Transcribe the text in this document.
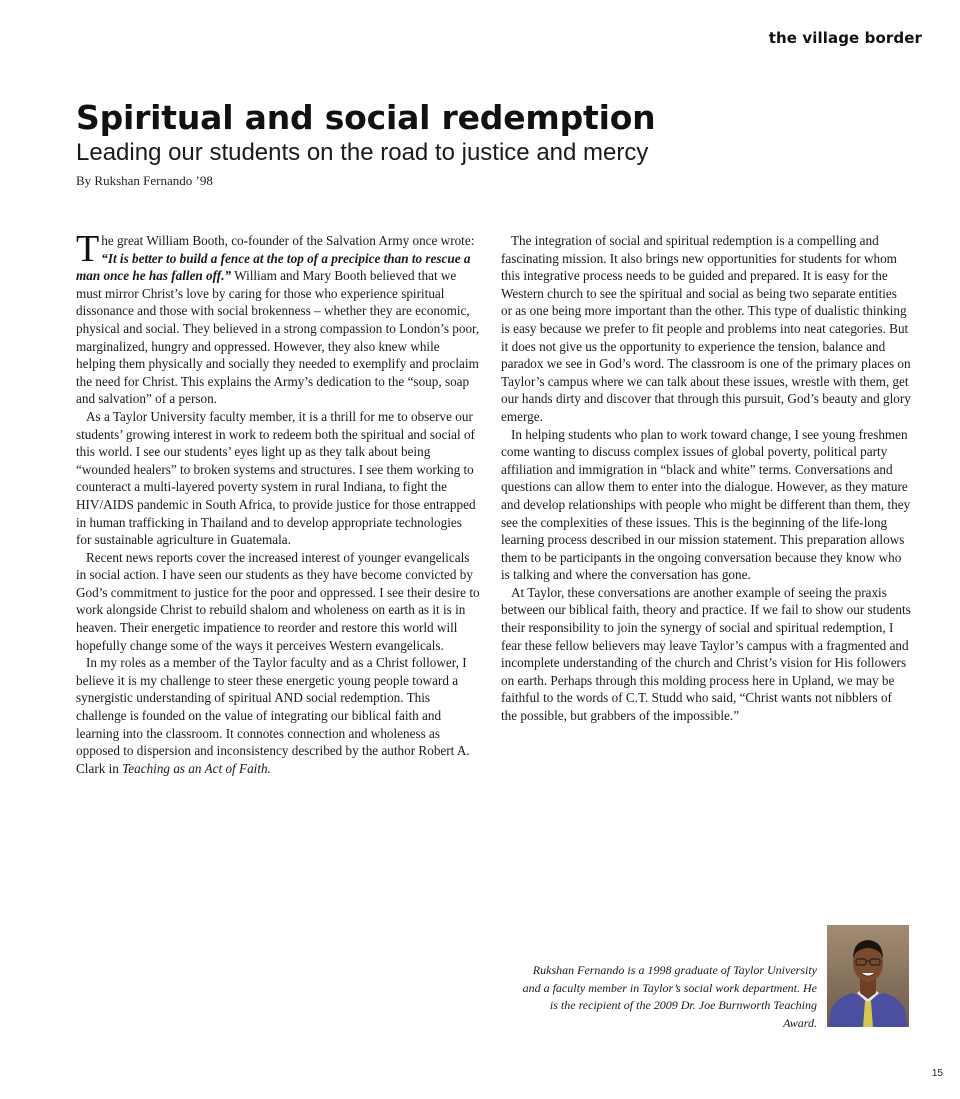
the village border
Spiritual and social redemption
Leading our students on the road to justice and mercy
By Rukshan Fernando ’98

The great William Booth, co-founder of the Salvation Army once wrote: “It is better to build a fence at the top of a precipice than to rescue a man once he has fallen off.” William and Mary Booth believed that we must mirror Christ’s love by caring for those who experience spiritual dissonance and those with social brokenness – whether they are economic, physical and social. They believed in a strong compassion to London’s poor, marginalized, hungry and oppressed. However, they also knew while helping them physically and socially they needed to exemplify and proclaim the need for Christ. This explains the Army’s dedication to the “soup, soap and salvation” of a person.

As a Taylor University faculty member, it is a thrill for me to observe our students’ growing interest in work to redeem both the spiritual and social of this world. I see our students’ eyes light up as they talk about being “wounded healers” to broken systems and structures. I see them working to counteract a multi-layered poverty system in rural Indiana, to fight the HIV/AIDS pandemic in South Africa, to provide justice for those entrapped in human trafficking in Thailand and to develop appropriate technologies for sustainable agriculture in Guatemala.

Recent news reports cover the increased interest of younger evangelicals in social action. I have seen our students as they have become convicted by God’s commitment to justice for the poor and oppressed. I see their desire to work alongside Christ to rebuild shalom and wholeness on earth as it is in heaven. Their energetic impatience to reorder and restore this world will hopefully change some of the ways it perceives Western evangelicals.

In my roles as a member of the Taylor faculty and as a Christ follower, I believe it is my challenge to steer these energetic young people toward a synergistic understanding of spiritual AND social redemption. This challenge is founded on the value of integrating our biblical faith and learning into the classroom. It connotes connection and wholeness as opposed to dispersion and inconsistency described by the author Robert A. Clark in Teaching as an Act of Faith.

The integration of social and spiritual redemption is a compelling and fascinating mission. It also brings new opportunities for students for whom this integrative process needs to be guided and prepared. It is easy for the Western church to see the spiritual and social as being two separate entities or as one being more important than the other. This type of dualistic thinking is easy because we prefer to fit people and problems into neat categories. But it does not give us the opportunity to experience the tension, balance and paradox we see in God’s word. The classroom is one of the primary places on Taylor’s campus where we can talk about these issues, wrestle with them, get our hands dirty and discover that through this pursuit, God’s beauty and glory emerge.

In helping students who plan to work toward change, I see young freshmen come wanting to discuss complex issues of global poverty, political party affiliation and immigration in “black and white” terms. Conversations and questions can allow them to enter into the dialogue. However, as they mature and develop relationships with people who might be different than them, they see the complexities of these issues. This is the beginning of the life-long learning process described in our mission statement. This preparation allows them to be participants in the ongoing conversation because they know who is talking and where the conversation has gone.

At Taylor, these conversations are another example of seeing the praxis between our biblical faith, theory and practice. If we fail to show our students their responsibility to join the synergy of social and spiritual redemption, I fear these fellow believers may leave Taylor’s campus with a fragmented and incomplete understanding of the church and Christ’s vision for His followers on earth. Perhaps through this molding process here in Upland, we may be faithful to the words of C.T. Studd who said, “Christ wants not nibblers of the possible, but grabbers of the impossible.”

Rukshan Fernando is a 1998 graduate of Taylor University and a faculty member in Taylor’s social work department. He is the recipient of the 2009 Dr. Joe Burnworth Teaching Award.
15
